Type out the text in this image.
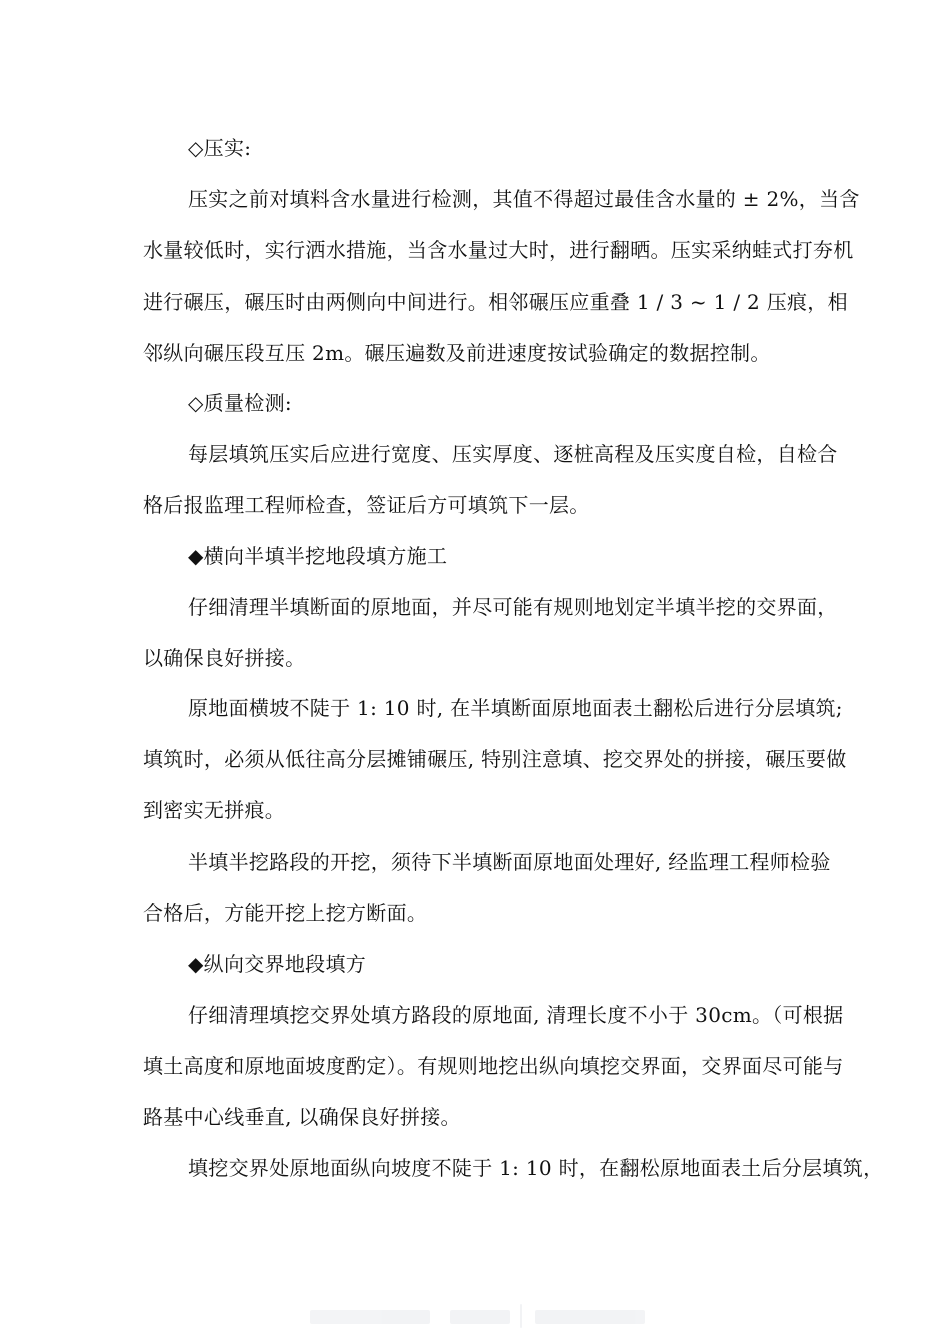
◇压实:
压实之前对填料含水量进行检测，其值不得超过最佳含水量的 ± 2%，当含
水量较低时，实行洒水措施，当含水量过大时，进行翻晒。压实采纳蛙式打夯机
进行碾压，碾压时由两侧向中间进行。相邻碾压应重叠 1 / 3 ~ 1 / 2 压痕，相
邻纵向碾压段互压 2m。碾压遍数及前进速度按试验确定的数据控制。
◇质量检测:
每层填筑压实后应进行宽度、压实厚度、逐桩高程及压实度自检，自检合
格后报监理工程师检查，签证后方可填筑下一层。
◆横向半填半挖地段填方施工
仔细清理半填断面的原地面，并尽可能有规则地划定半填半挖的交界面，
以确保良好拼接。
原地面横坡不陡于 1: 10 时, 在半填断面原地面表土翻松后进行分层填筑;
填筑时，必须从低往高分层摊铺碾压, 特别注意填、挖交界处的拼接，碾压要做
到密实无拼痕。
半填半挖路段的开挖，须待下半填断面原地面处理好, 经监理工程师检验
合格后，方能开挖上挖方断面。
◆纵向交界地段填方
仔细清理填挖交界处填方路段的原地面, 清理长度不小于 30cm。（可根据
填土高度和原地面坡度酌定）。有规则地挖出纵向填挖交界面，交界面尽可能与
路基中心线垂直, 以确保良好拼接。
填挖交界处原地面纵向坡度不陡于 1: 10 时，在翻松原地面表土后分层填筑，
